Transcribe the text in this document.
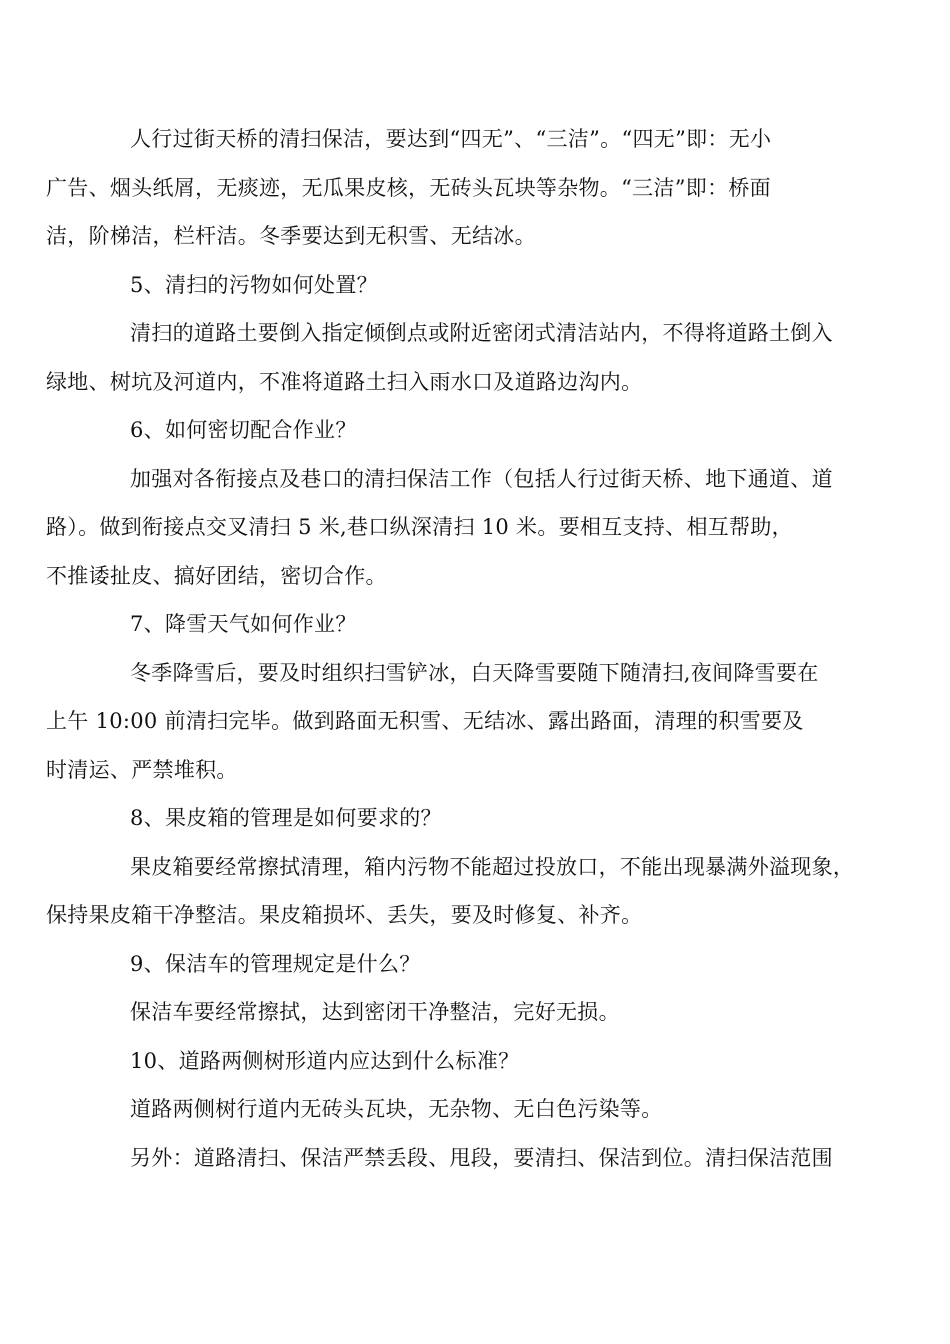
人行过街天桥的清扫保洁，要达到“四无”、“三洁”。“四无”即：无小
广告、烟头纸屑，无痰迹，无瓜果皮核，无砖头瓦块等杂物。“三洁”即：桥面
洁，阶梯洁，栏杆洁。冬季要达到无积雪、无结冰。

5、清扫的污物如何处置？

清扫的道路土要倒入指定倾倒点或附近密闭式清洁站内，不得将道路土倒入
绿地、树坑及河道内，不准将道路土扫入雨水口及道路边沟内。

6、如何密切配合作业？

加强对各衔接点及巷口的清扫保洁工作（包括人行过街天桥、地下通道、道
路）。做到衔接点交叉清扫 5 米,巷口纵深清扫 10 米。要相互支持、相互帮助，
不推诿扯皮、搞好团结，密切合作。

7、降雪天气如何作业？

冬季降雪后，要及时组织扫雪铲冰，白天降雪要随下随清扫,夜间降雪要在
上午 10:00 前清扫完毕。做到路面无积雪、无结冰、露出路面，清理的积雪要及
时清运、严禁堆积。

8、果皮箱的管理是如何要求的？

果皮箱要经常擦拭清理，箱内污物不能超过投放口，不能出现暴满外溢现象，
保持果皮箱干净整洁。果皮箱损坏、丢失，要及时修复、补齐。

9、保洁车的管理规定是什么？

保洁车要经常擦拭，达到密闭干净整洁，完好无损。

10、道路两侧树形道内应达到什么标准？

道路两侧树行道内无砖头瓦块，无杂物、无白色污染等。

另外：道路清扫、保洁严禁丢段、甩段，要清扫、保洁到位。清扫保洁范围
